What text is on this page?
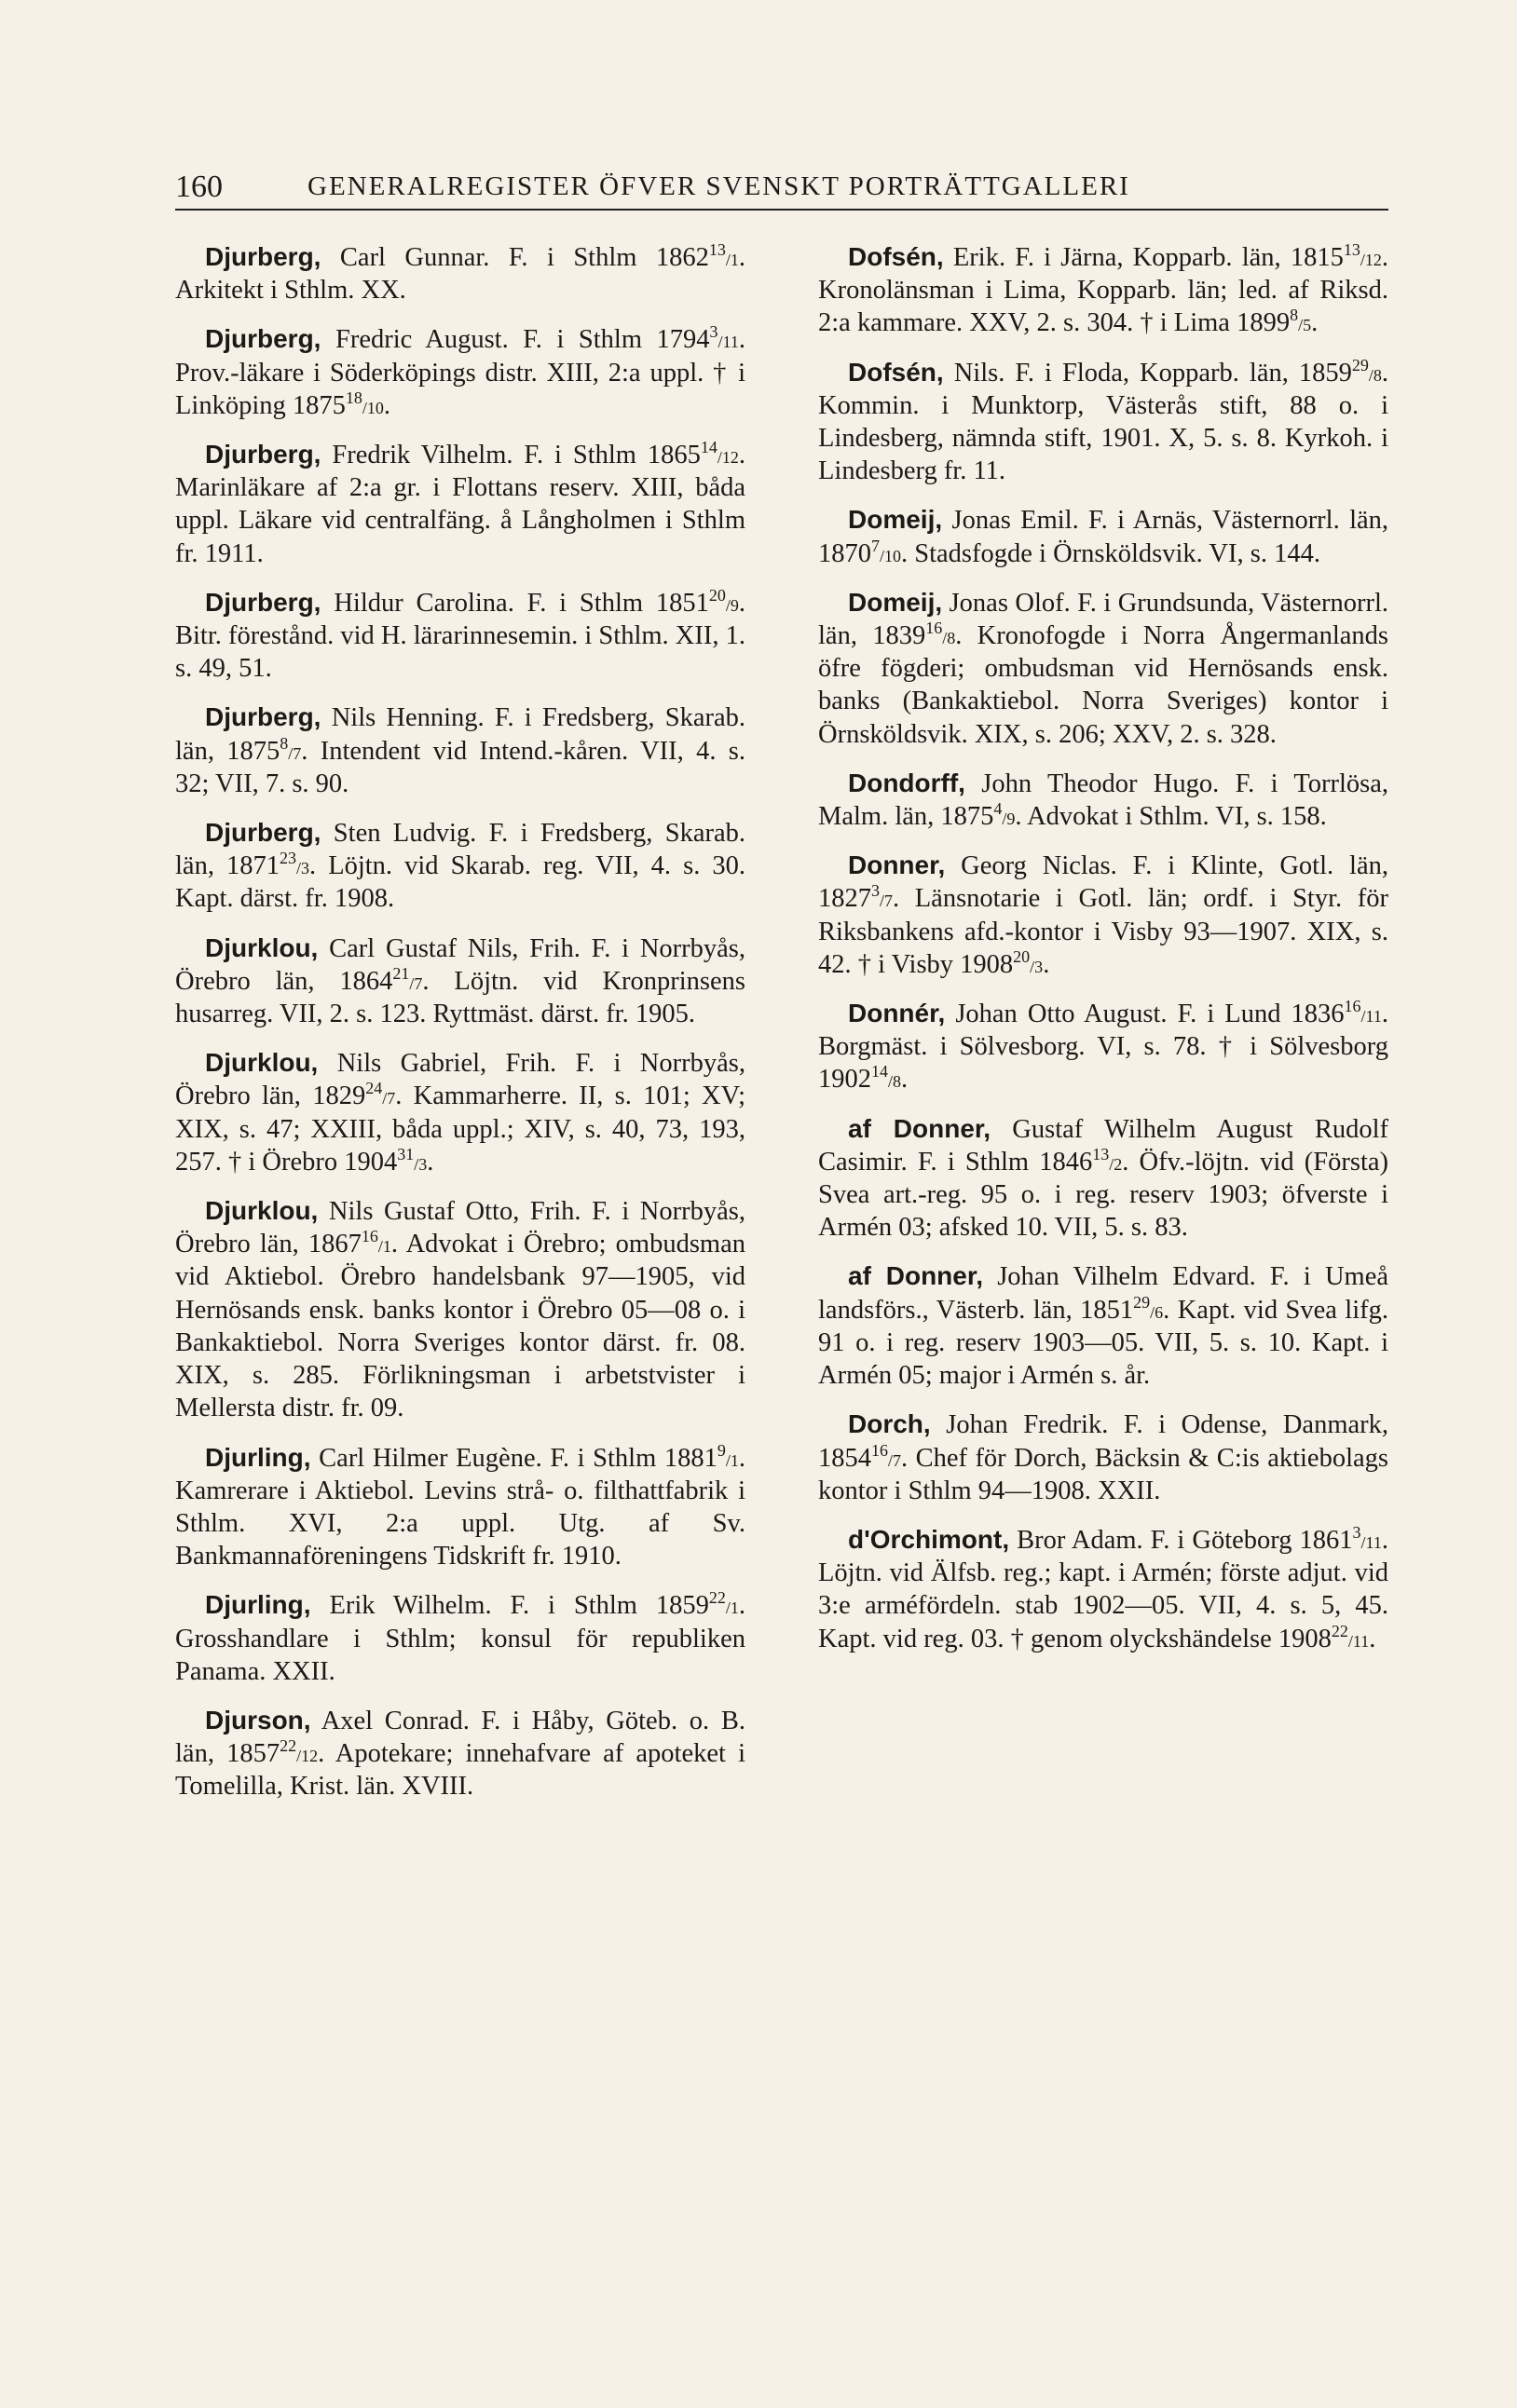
160	GENERALREGISTER ÖFVER SVENSKT PORTRÄTTGALLERI

Djurberg, Carl Gunnar. F. i Sthlm 1862$^{13}$/1. Arkitekt i Sthlm. XX.

Djurberg, Fredric August. F. i Sthlm 1794$^3$/11. Prov.-läkare i Söderköpings distr. XIII, 2:a uppl. † i Linköping 1875$^{18}$/10.

Djurberg, Fredrik Vilhelm. F. i Sthlm 1865$^{14}$/12. Marinläkare af 2:a gr. i Flottans reserv. XIII, båda uppl. Läkare vid centralfäng. å Långholmen i Sthlm fr. 1911.

Djurberg, Hildur Carolina. F. i Sthlm 1851$^{20}$/9. Bitr. förestånd. vid H. lärarinnesemin. i Sthlm. XII, 1. s. 49, 51.

Djurberg, Nils Henning. F. i Fredsberg, Skarab. län, 1875$^8$/7. Intendent vid Intend.-kåren. VII, 4. s. 32; VII, 7. s. 90.

Djurberg, Sten Ludvig. F. i Fredsberg, Skarab. län, 1871$^{23}$/3. Löjtn. vid Skarab. reg. VII, 4. s. 30. Kapt. därst. fr. 1908.

Djurklou, Carl Gustaf Nils, Frih. F. i Norrbyås, Örebro län, 1864$^{21}$/7. Löjtn. vid Kronprinsens husarreg. VII, 2. s. 123. Ryttmäst. därst. fr. 1905.

Djurklou, Nils Gabriel, Frih. F. i Norrbyås, Örebro län, 1829$^{24}$/7. Kammarherre. II, s. 101; XV; XIX, s. 47; XXIII, båda uppl.; XIV, s. 40, 73, 193, 257. † i Örebro 1904$^{31}$/3.

Djurklou, Nils Gustaf Otto, Frih. F. i Norrbyås, Örebro län, 1867$^{16}$/1. Advokat i Örebro; ombudsman vid Aktiebol. Örebro handelsbank 97—1905, vid Hernösands ensk. banks kontor i Örebro 05—08 o. i Bankaktiebol. Norra Sveriges kontor därst. fr. 08. XIX, s. 285. Förlikningsman i arbetstvister i Mellersta distr. fr. 09.

Djurling, Carl Hilmer Eugène. F. i Sthlm 1881$^9$/1. Kamrerare i Aktiebol. Levins strå- o. filthattfabrik i Sthlm. XVI, 2:a uppl. Utg. af Sv. Bankmannaföreningens Tidskrift fr. 1910.

Djurling, Erik Wilhelm. F. i Sthlm 1859$^{22}$/1. Grosshandlare i Sthlm; konsul för republiken Panama. XXII.

Djurson, Axel Conrad. F. i Håby, Göteb. o. B. län, 1857$^{22}$/12. Apotekare; innehafvare af apoteket i Tomelilla, Krist. län. XVIII.

Dofsén, Erik. F. i Järna, Kopparb. län, 1815$^{13}$/12. Kronolänsman i Lima, Kopparb. län; led. af Riksd. 2:a kammare. XXV, 2. s. 304. † i Lima 1899$^8$/5.

Dofsén, Nils. F. i Floda, Kopparb. län, 1859$^{29}$/8. Kommin. i Munktorp, Västerås stift, 88 o. i Lindesberg, nämnda stift, 1901. X, 5. s. 8. Kyrkoh. i Lindesberg fr. 11.

Domeij, Jonas Emil. F. i Arnäs, Västernorrl. län, 1870$^7$/10. Stadsfogde i Örnsköldsvik. VI, s. 144.

Domeij, Jonas Olof. F. i Grundsunda, Västernorrl. län, 1839$^{16}$/8. Kronofogde i Norra Ångermanlands öfre fögderi; ombudsman vid Hernösands ensk. banks (Bankaktiebol. Norra Sveriges) kontor i Örnsköldsvik. XIX, s. 206; XXV, 2. s. 328.

Dondorff, John Theodor Hugo. F. i Torrlösa, Malm. län, 1875$^4$/9. Advokat i Sthlm. VI, s. 158.

Donner, Georg Niclas. F. i Klinte, Gotl. län, 1827$^3$/7. Länsnotarie i Gotl. län; ordf. i Styr. för Riksbankens afd.-kontor i Visby 93—1907. XIX, s. 42. † i Visby 1908$^{20}$/3.

Donnér, Johan Otto August. F. i Lund 1836$^{16}$/11. Borgmäst. i Sölvesborg. VI, s. 78. † i Sölvesborg 1902$^{14}$/8.

af Donner, Gustaf Wilhelm August Rudolf Casimir. F. i Sthlm 1846$^{13}$/2. Öfv.-löjtn. vid (Första) Svea art.-reg. 95 o. i reg. reserv 1903; öfverste i Armén 03; afsked 10. VII, 5. s. 83.

af Donner, Johan Vilhelm Edvard. F. i Umeå landsförs., Västerb. län, 1851$^{29}$/6. Kapt. vid Svea lifg. 91 o. i reg. reserv 1903—05. VII, 5. s. 10. Kapt. i Armén 05; major i Armén s. år.

Dorch, Johan Fredrik. F. i Odense, Danmark, 1854$^{16}$/7. Chef för Dorch, Bäcksin & C:is aktiebolags kontor i Sthlm 94—1908. XXII.

d'Orchimont, Bror Adam. F. i Göteborg 1861$^3$/11. Löjtn. vid Älfsb. reg.; kapt. i Armén; förste adjut. vid 3:e arméfördeln. stab 1902—05. VII, 4. s. 5, 45. Kapt. vid reg. 03. † genom olyckshändelse 1908$^{22}$/11.
